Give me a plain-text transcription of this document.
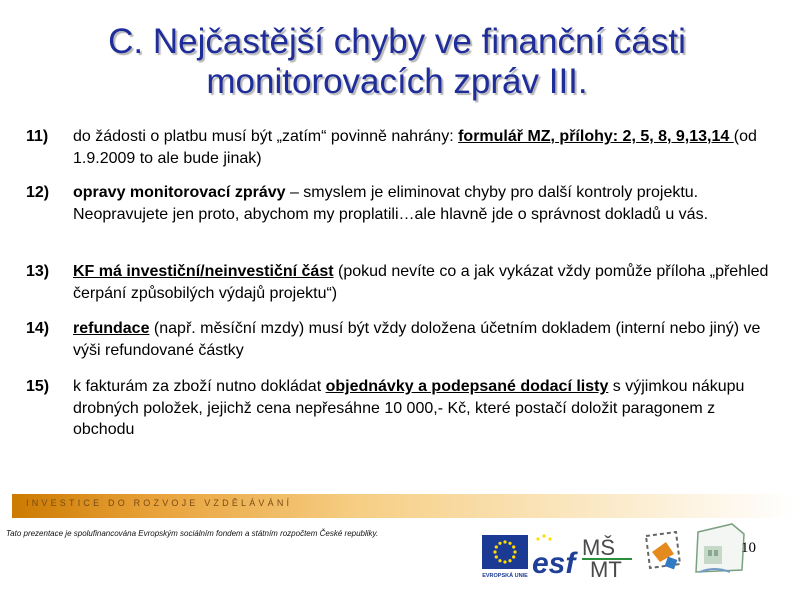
C. Nejčastější chyby ve finanční části
monitorovacích zpráv III.
11) do žádosti o platbu musí být „zatím“ povinně nahrány: formulář MZ, přílohy: 2, 5, 8, 9,13,14 (od 1.9.2009 to ale bude jinak)
12) opravy monitorovací zprávy – smyslem je eliminovat chyby pro další kontroly projektu. Neopravujete jen proto, abychom my proplatili…ale hlavně jde o správnost dokladů u vás.
13) KF má investiční/neinvestiční část (pokud nevíte co a jak vykázat vždy pomůže příloha „přehled čerpání způsobilých výdajů projektu“)
14) refundace (např. měsíční mzdy) musí být vždy doložena účetním dokladem (interní nebo jiný) ve výši refundované částky
15) k fakturám za zboží nutno dokládat objednávky a podepsané dodací listy s výjimkou nákupu drobných položek, jejichž cena nepřesáhne 10 000,- Kč, které postačí doložit paragonem z obchodu
INVESTICE DO ROZVOJE VZDĚLÁVÁNÍ
Tato prezentace je spolufinancována Evropským sociálním fondem a státním rozpočtem České republiky.
EVROPSKÁ UNIE esf MŠ
MT
10
